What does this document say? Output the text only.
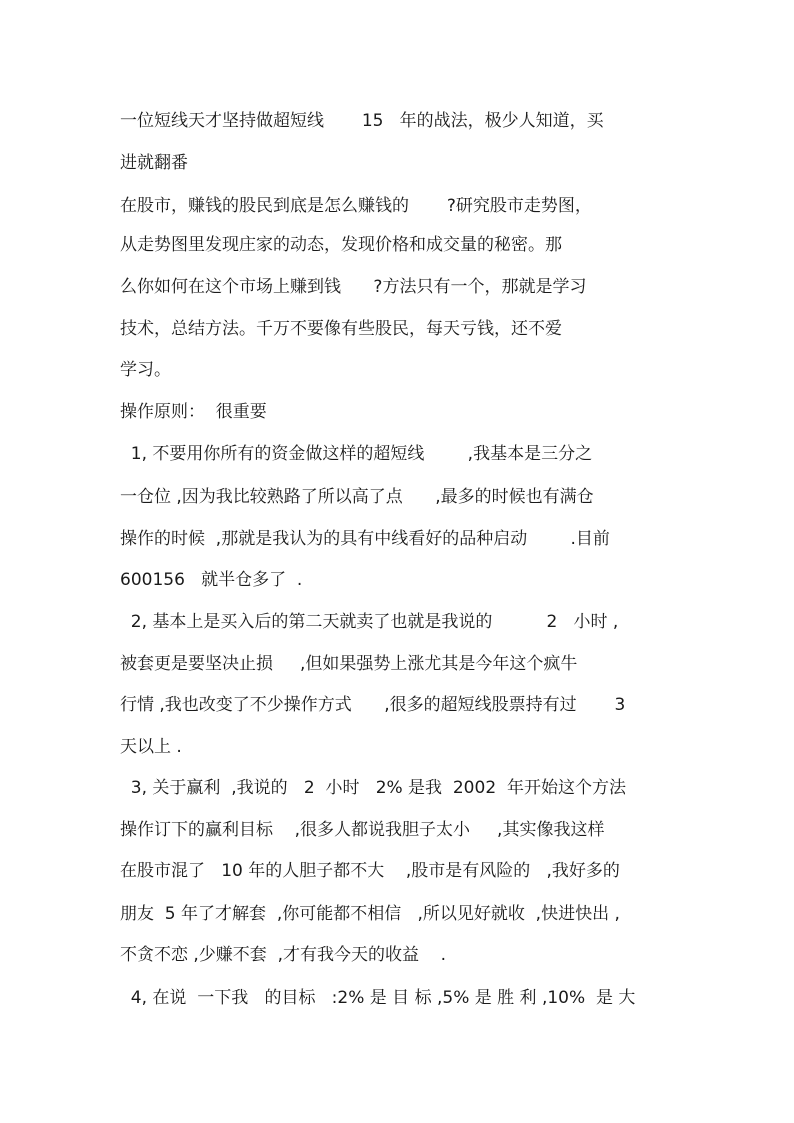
一位短线天才坚持做超短线       15   年的战法，极少人知道，买

进就翻番

在股市，赚钱的股民到底是怎么赚钱的       ?研究股市走势图，

从走势图里发现庄家的动态，发现价格和成交量的秘密。那

么你如何在这个市场上赚到钱      ?方法只有一个，那就是学习

技术，总结方法。千万不要像有些股民，每天亏钱，还不爱

学习。

操作原则：  很重要

1, 不要用你所有的资金做这样的超短线        ,我基本是三分之

一仓位 ,因为我比较熟路了所以高了点      ,最多的时候也有满仓

操作的时候  ,那就是我认为的具有中线看好的品种启动        .目前

600156   就半仓多了  .

2, 基本上是买入后的第二天就卖了也就是我说的          2   小时 ,

被套更是要坚决止损     ,但如果强势上涨尤其是今年这个疯牛

行情 ,我也改变了不少操作方式      ,很多的超短线股票持有过       3

天以上 .

3, 关于赢利  ,我说的   2  小时   2% 是我  2002  年开始这个方法

操作订下的赢利目标    ,很多人都说我胆子太小     ,其实像我这样

在股市混了   10 年的人胆子都不大    ,股市是有风险的   ,我好多的

朋友  5 年了才解套  ,你可能都不相信   ,所以见好就收  ,快进快出 ,

不贪不恋 ,少赚不套  ,才有我今天的收益    .

4, 在说  一下我   的目标   :2% 是 目 标 ,5% 是 胜 利 ,10%  是 大
